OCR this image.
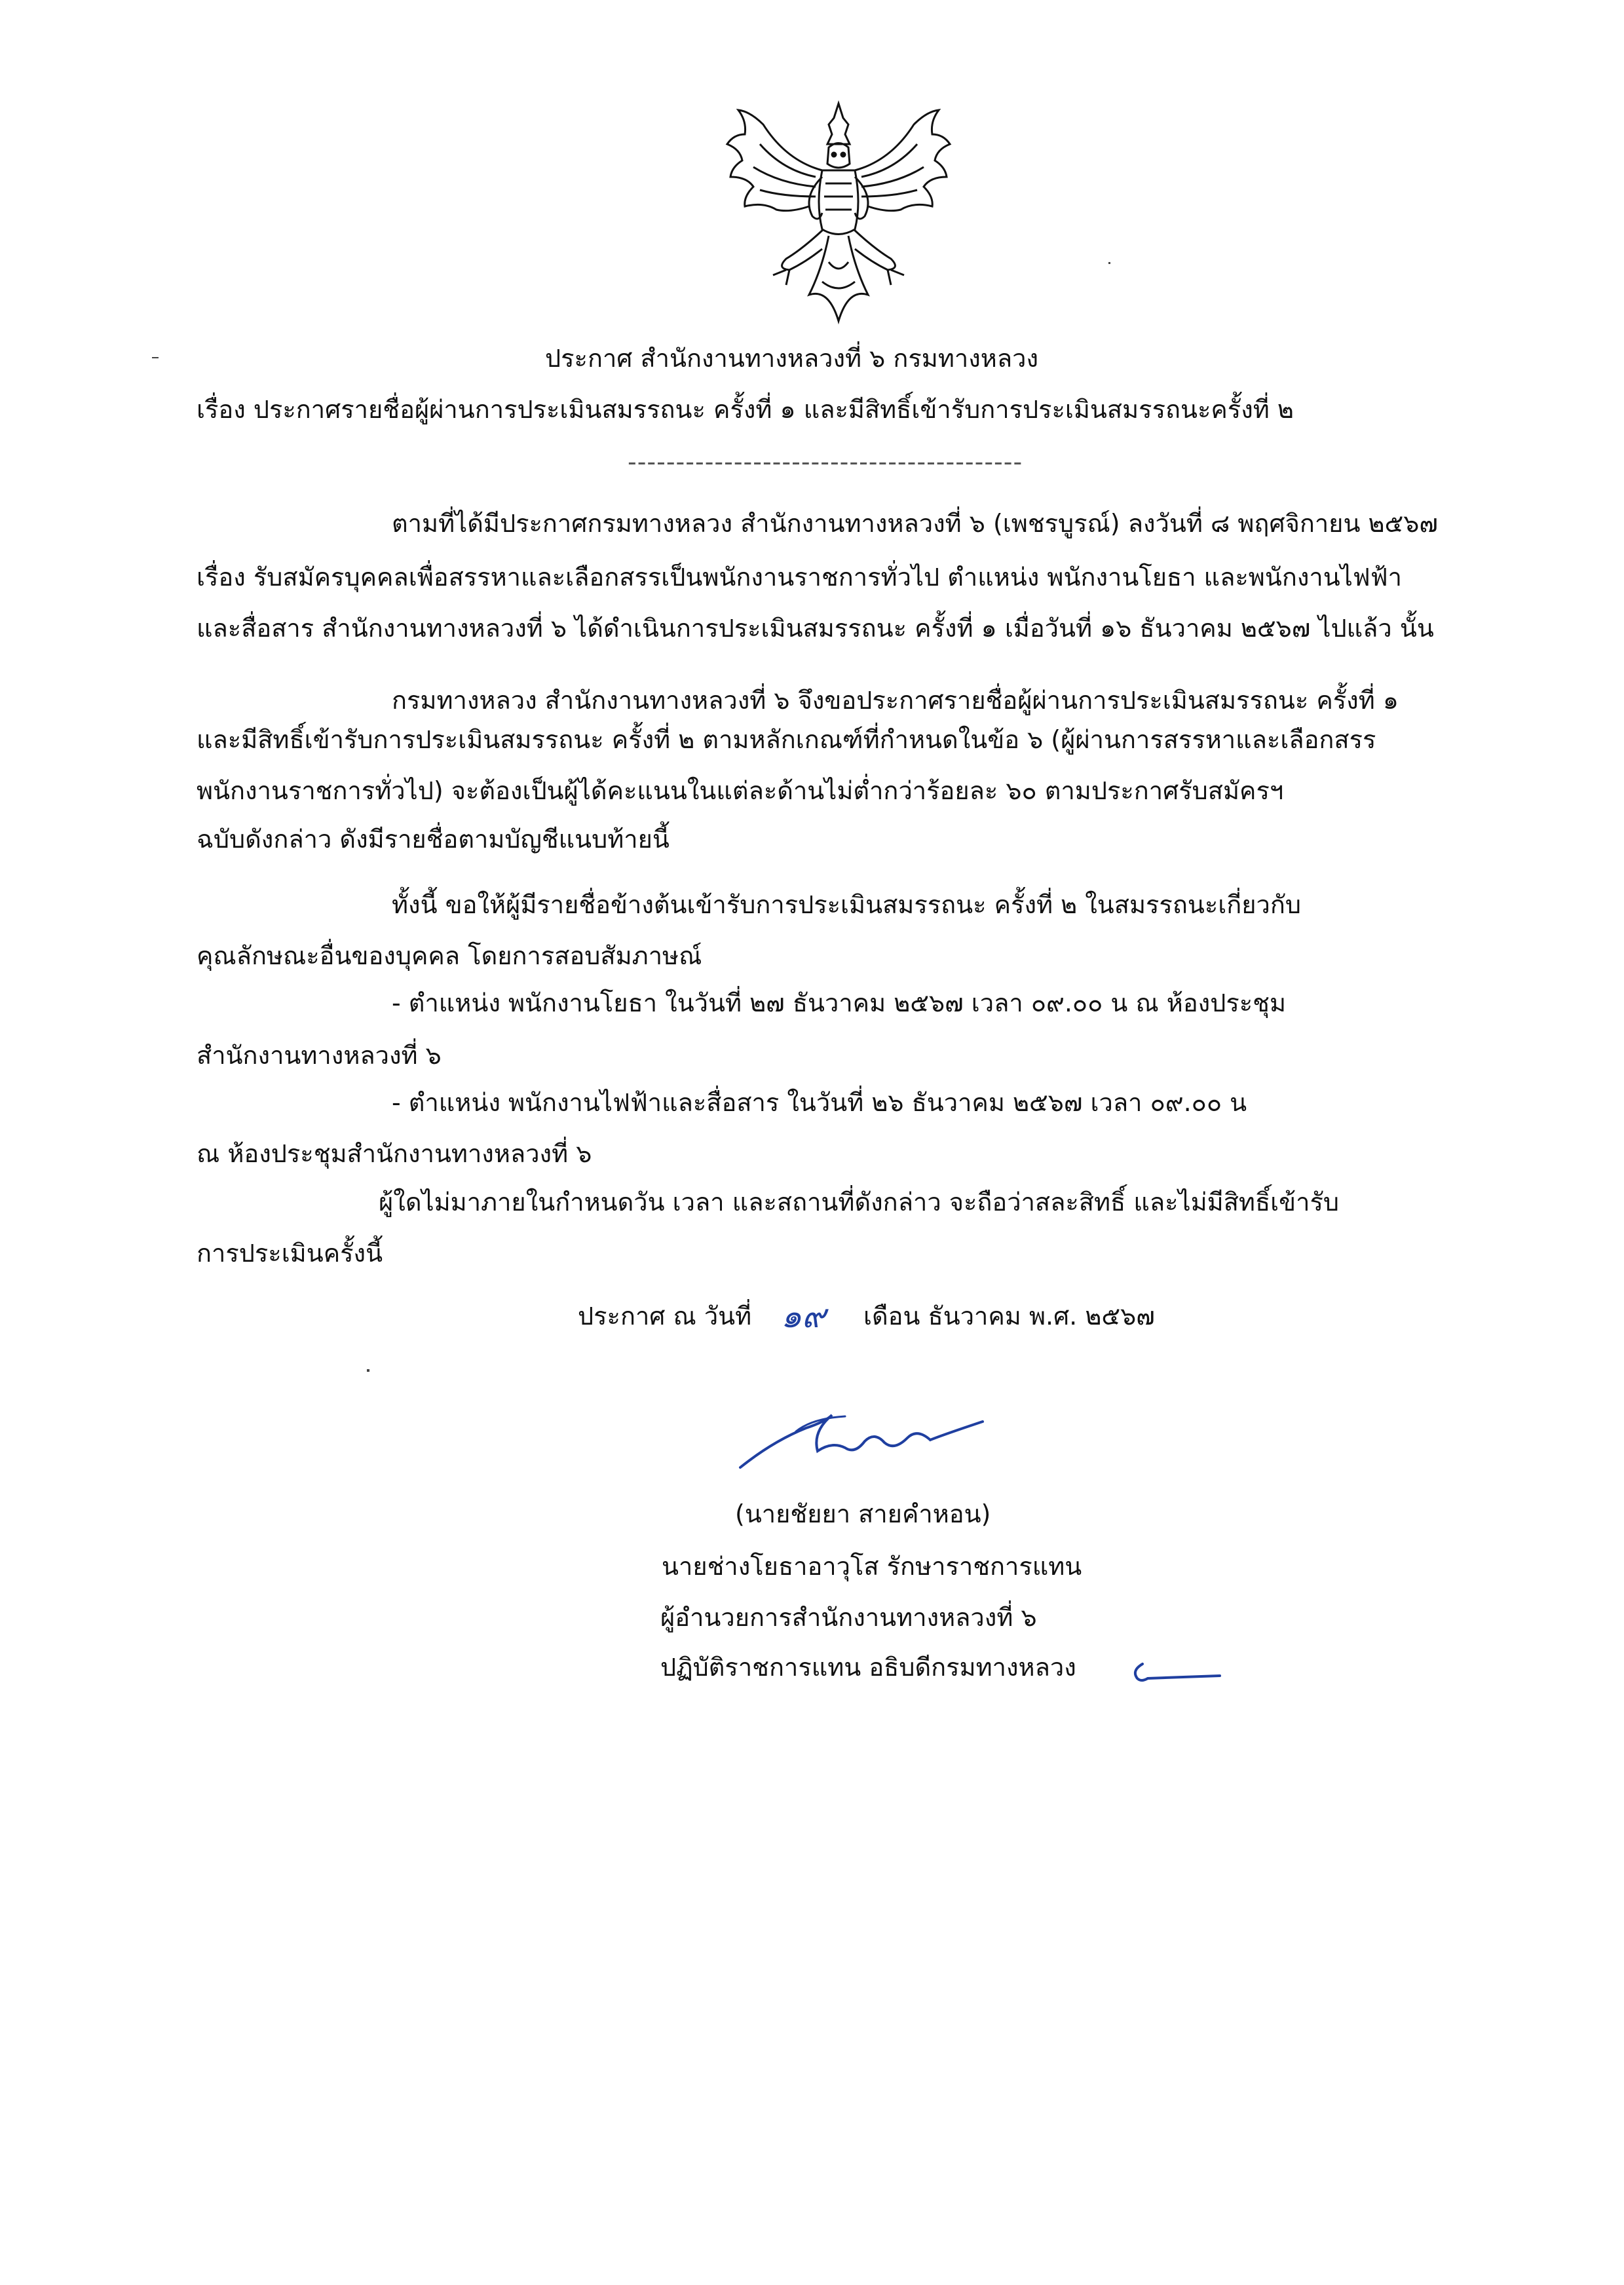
ประกาศ สำนักงานทางหลวงที่ ๖ กรมทางหลวง
เรื่อง ประกาศรายชื่อผู้ผ่านการประเมินสมรรถนะ ครั้งที่ ๑ และมีสิทธิ์เข้ารับการประเมินสมรรถนะครั้งที่ ๒
-----------------------------------------
ตามที่ได้มีประกาศกรมทางหลวง สำนักงานทางหลวงที่ ๖ (เพชรบูรณ์) ลงวันที่ ๘ พฤศจิกายน ๒๕๖๗
เรื่อง รับสมัครบุคคลเพื่อสรรหาและเลือกสรรเป็นพนักงานราชการทั่วไป ตำแหน่ง พนักงานโยธา และพนักงานไฟฟ้า
และสื่อสาร สำนักงานทางหลวงที่ ๖ ได้ดำเนินการประเมินสมรรถนะ ครั้งที่ ๑ เมื่อวันที่ ๑๖ ธันวาคม ๒๕๖๗ ไปแล้ว นั้น
กรมทางหลวง สำนักงานทางหลวงที่ ๖ จึงขอประกาศรายชื่อผู้ผ่านการประเมินสมรรถนะ ครั้งที่ ๑
และมีสิทธิ์เข้ารับการประเมินสมรรถนะ ครั้งที่ ๒ ตามหลักเกณฑ์ที่กำหนดในข้อ ๖ (ผู้ผ่านการสรรหาและเลือกสรร
พนักงานราชการทั่วไป) จะต้องเป็นผู้ได้คะแนนในแต่ละด้านไม่ต่ำกว่าร้อยละ ๖๐ ตามประกาศรับสมัครฯ
ฉบับดังกล่าว ดังมีรายชื่อตามบัญชีแนบท้ายนี้
ทั้งนี้ ขอให้ผู้มีรายชื่อข้างต้นเข้ารับการประเมินสมรรถนะ ครั้งที่ ๒ ในสมรรถนะเกี่ยวกับ
คุณลักษณะอื่นของบุคคล โดยการสอบสัมภาษณ์
- ตำแหน่ง พนักงานโยธา ในวันที่ ๒๗ ธันวาคม ๒๕๖๗ เวลา ๐๙.๐๐ น ณ ห้องประชุม
สำนักงานทางหลวงที่ ๖
- ตำแหน่ง พนักงานไฟฟ้าและสื่อสาร ในวันที่ ๒๖ ธันวาคม ๒๕๖๗ เวลา ๐๙.๐๐ น
ณ ห้องประชุมสำนักงานทางหลวงที่ ๖
ผู้ใดไม่มาภายในกำหนดวัน เวลา และสถานที่ดังกล่าว จะถือว่าสละสิทธิ์ และไม่มีสิทธิ์เข้ารับ
การประเมินครั้งนี้
ประกาศ ณ วันที่ ๑๙ เดือน ธันวาคม พ.ศ. ๒๕๖๗
(นายชัยยา สายคำหอน)
นายช่างโยธาอาวุโส รักษาราชการแทน
ผู้อำนวยการสำนักงานทางหลวงที่ ๖
ปฏิบัติราชการแทน อธิบดีกรมทางหลวง
